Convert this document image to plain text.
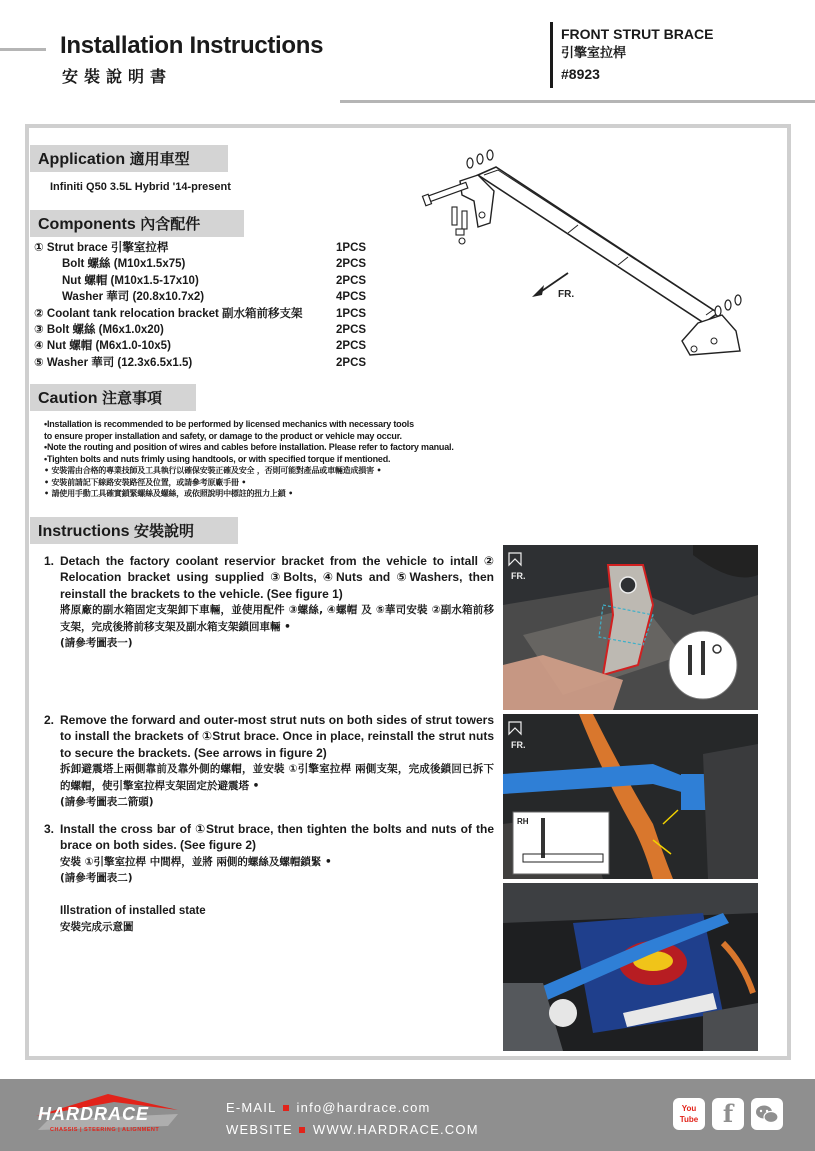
Installation Instructions
安裝說明書
FRONT STRUT BRACE
引擎室拉桿
#8923
Application 適用車型
Infiniti Q50 3.5L Hybrid '14-present
Components 內含配件
① Strut brace 引擎室拉桿	1PCS
Bolt 螺絲 (M10x1.5x75)	2PCS
Nut 螺帽 (M10x1.5-17x10)	2PCS
Washer 華司 (20.8x10.7x2)	4PCS
② Coolant tank relocation bracket 副水箱前移支架	1PCS
③ Bolt 螺絲 (M6x1.0x20)	2PCS
④ Nut 螺帽 (M6x1.0-10x5)	2PCS
⑤ Washer 華司 (12.3x6.5x1.5)	2PCS
FR.
Caution 注意事項
•Installation is recommended to be performed by licensed mechanics with necessary tools
to ensure proper installation and safety, or damage to the product or vehicle may occur.
•Note the routing and position of wires and cables before installation. Please refer to factory manual.
•Tighten bolts and nuts frimly using handtools, or with specified torque if mentioned.
• 安裝需由合格的專業技師及工具執行以確保安裝正確及安全 ，否則可能對產品或車輛造成損害 •
• 安裝前請記下線路安裝路徑及位置，或請參考原廠手冊 •
• 請使用手動工具確實鎖緊螺絲及螺絲，或依照說明中標註的扭力上鎖 •
Instructions 安裝說明
1. Detach the factory coolant reservior bracket from the vehicle to intall ② Relocation bracket using supplied ③Bolts, ④Nuts and ⑤Washers, then reinstall the brackets to the vehicle. (See figure 1)
將原廠的副水箱固定支架卸下車輛，並使用配件 ③螺絲, ④螺帽 及 ⑤華司安裝 ②副水箱前移支架，完成後將前移支架及副水箱支架鎖回車輛 •
(請參考圖表一)
2. Remove the forward and outer-most strut nuts on both sides of strut towers to install the brackets of ①Strut brace. Once in place, reinstall the strut nuts to secure the brackets. (See arrows in figure 2)
拆卸避震塔上兩側靠前及靠外側的螺帽，並安裝 ①引擎室拉桿 兩側支架，完成後鎖回已拆下的螺帽，使引擎室拉桿支架固定於避震塔 •
(請參考圖表二箭頭)
3. Install the cross bar of ①Strut brace, then tighten the bolts and nuts of the brace on both sides. (See figure 2)
安裝 ①引擎室拉桿 中間桿，並將 兩側的螺絲及螺帽鎖緊 •
(請參考圖表二)
Illstration of installed state
安裝完成示意圖
FR.
RH
FR.
HARDRACE
CHASSIS | STEERING | ALIGNMENT
E-MAIL info@hardrace.com
WEBSITE WWW.HARDRACE.COM
You Tube	f
